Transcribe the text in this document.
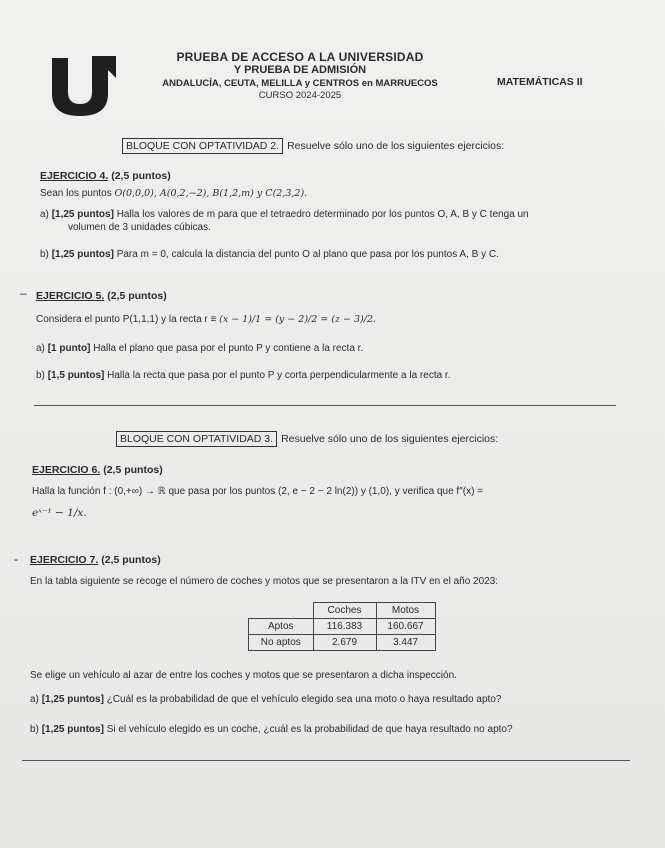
PRUEBA DE ACCESO A LA UNIVERSIDAD
Y PRUEBA DE ADMISIÓN
ANDALUCÍA, CEUTA, MELILLA y CENTROS en MARRUECOS
CURSO 2024-2025
MATEMÁTICAS II
BLOQUE CON OPTATIVIDAD 2. Resuelve sólo uno de los siguientes ejercicios:
EJERCICIO 4. (2,5 puntos)
Sean los puntos O(0,0,0), A(0,2,−2), B(1,2,m) y C(2,3,2).
a) [1,25 puntos] Halla los valores de m para que el tetraedro determinado por los puntos O, A, B y C tenga un
volumen de 3 unidades cúbicas.
b) [1,25 puntos] Para m = 0, calcula la distancia del punto O al plano que pasa por los puntos A, B y C.
– EJERCICIO 5. (2,5 puntos)
Considera el punto P(1,1,1) y la recta r ≡ (x − 1)/1 = (y − 2)/2 = (z − 3)/2.
a) [1 punto] Halla el plano que pasa por el punto P y contiene a la recta r.
b) [1,5 puntos] Halla la recta que pasa por el punto P y corta perpendicularmente a la recta r.
BLOQUE CON OPTATIVIDAD 3. Resuelve sólo uno de los siguientes ejercicios:
EJERCICIO 6. (2,5 puntos)
Halla la función f : (0,+∞) → ℝ que pasa por los puntos (2, e − 2 − 2 ln(2)) y (1,0), y verifica que f″(x) =
eˣ⁻¹ − 1/x.
- EJERCICIO 7. (2,5 puntos)
En la tabla siguiente se recoge el número de coches y motos que se presentaron a la ITV en el año 2023:
	Coches	Motos
Aptos	116.383	160.667
No aptos	2.679	3.447
Se elige un vehículo al azar de entre los coches y motos que se presentaron a dicha inspección.
a) [1,25 puntos] ¿Cuál es la probabilidad de que el vehículo elegido sea una moto o haya resultado apto?
b) [1,25 puntos] Si el vehículo elegido es un coche, ¿cuál es la probabilidad de que haya resultado no apto?
